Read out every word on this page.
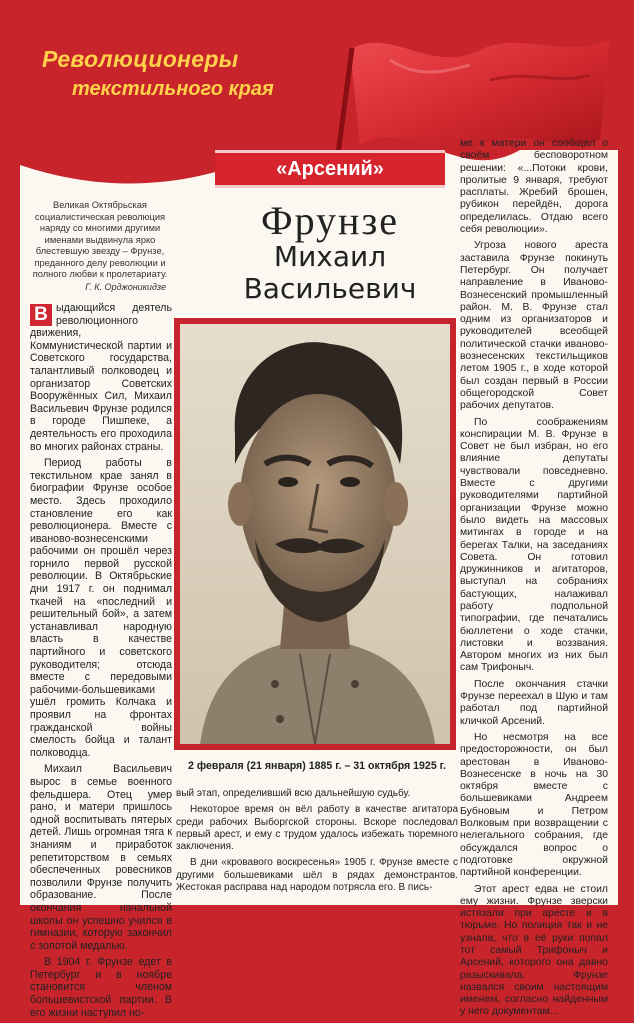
Революционеры
текстильного края
Великая Октябрьская социалистическая революция наряду со многими другими именами выдвинула ярко блестевшую звезду – Фрунзе, преданного делу революции и полного любви к пролетариату.
Г. К. Орджоникидзе

В ыдающийся деятель революционного движения, Коммунистической партии и Советского государства, талантливый полководец и организатор Советских Вооружённых Сил, Михаил Васильевич Фрунзе родился в городе Пишпеке, а деятельность его проходила во многих районах страны.

Период работы в текстильном крае занял в биографии Фрунзе особое место. Здесь проходило становление его как революционера. Вместе с иваново-вознесенскими рабочими он прошёл через горнило первой русской революции. В Октябрьские дни 1917 г. он поднимал ткачей на «последний и решительный бой», а затем устанавливал народную власть в качестве партийного и советского руководителя; отсюда вместе с передовыми рабочими-большевиками ушёл громить Колчака и проявил на фронтах гражданской войны смелость бойца и талант полководца.

Михаил Васильевич вырос в семье военного фельдшера. Отец умер рано, и матери пришлось одной воспитывать пятерых детей. Лишь огромная тяга к знаниям и приработок репетиторством в семьях обеспеченных ровесников позволили Фрунзе получить образование. После окончания начальной школы он успешно учился в гимназии, которую закончил с золотой медалью.

В 1904 г. Фрунзе едет в Петербург и в ноябре становится членом большевистской партии. В его жизни наступил но-

«Арсений»
Фрунзе
Михаил
Васильевич
2 февраля (21 января) 1885 г. – 31 октября 1925 г.

вый этап, определивший всю дальнейшую судьбу.

Некоторое время он вёл работу в качестве агитатора среди рабочих Выборгской стороны. Вскоре последовал первый арест, и ему с трудом удалось избежать тюремного заключения.

В дни «кровавого воскресенья» 1905 г. Фрунзе вместе с другими большевиками шёл в рядах демонстрантов. Жестокая расправа над народом потрясла его. В пись-

ме к матери он сообщал о своём бесповоротном решении: «...Потоки крови, пролитые 9 января, требуют расплаты. Жребий брошен, рубикон перейдён, дорога определилась. Отдаю всего себя революции».

Угроза нового ареста заставила Фрунзе покинуть Петербург. Он получает направление в Иваново-Вознесенский промышленный район. М. В. Фрунзе стал одним из организаторов и руководителей всеобщей политической стачки иваново-вознесенских текстильщиков летом 1905 г., в ходе которой был создан первый в России общегородской Совет рабочих депутатов.

По соображениям конспирации М. В. Фрунзе в Совет не был избран, но его влияние депутаты чувствовали повседневно. Вместе с другими руководителями партийной организации Фрунзе можно было видеть на массовых митингах в городе и на берегах Талки, на заседаниях Совета. Он готовил дружинников и агитаторов, выступал на собраниях бастующих, налаживал работу подпольной типографии, где печатались бюллетени о ходе стачки, листовки и воззвания. Автором многих из них был сам Трифоныч.

После окончания стачки Фрунзе переехал в Шую и там работал под партийной кличкой Арсений.

Но несмотря на все предосторожности, он был арестован в Иваново-Вознесенске в ночь на 30 октября вместе с большевиками Андреем Бубновым и Петром Волковым при возвращении с нелегального собрания, где обсуждался вопрос о подготовке окружной партийной конференции.

Этот арест едва не стоил ему жизни. Фрунзе зверски истязали при аресте и в тюрьме. Но полиция так и не узнала, что в её руки попал тот самый Трифоныч и Арсений, которого она давно разыскивала. Фрунзе назвался своим настоящим именем, согласно найденным у него документам...
